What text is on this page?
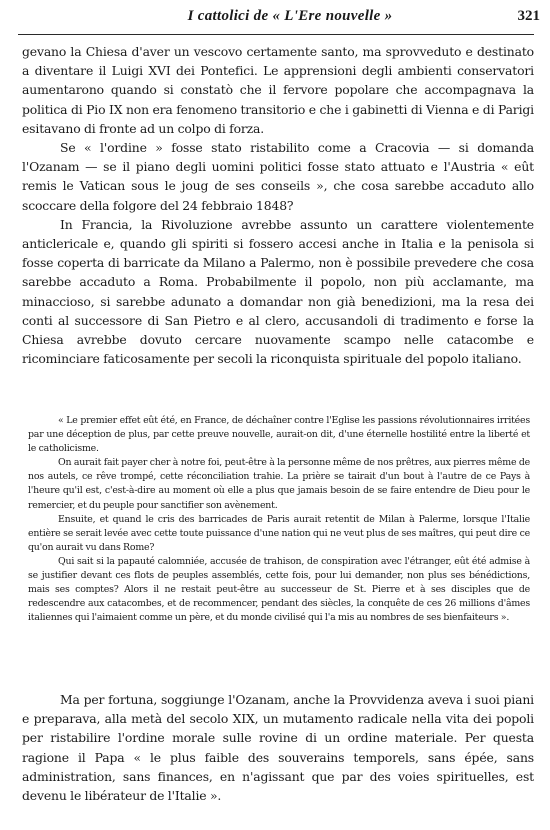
I cattolici de « L'Ere nouvelle »	321

gevano la Chiesa d'aver un vescovo certamente santo, ma sprovveduto e destinato a diventare il Luigi XVI dei Pontefici. Le apprensioni degli ambienti conservatori aumentarono quando si constatò che il fervore popolare che accompagnava la politica di Pio IX non era fenomeno transitorio e che i gabinetti di Vienna e di Parigi esitavano di fronte ad un colpo di forza.

Se « l'ordine » fosse stato ristabilito come a Cracovia — si domanda l'Ozanam — se il piano degli uomini politici fosse stato attuato e l'Austria « eût remis le Vatican sous le joug de ses conseils », che cosa sarebbe accaduto allo scoccare della folgore del 24 febbraio 1848?

In Francia, la Rivoluzione avrebbe assunto un carattere violentemente anticlericale e, quando gli spiriti si fossero accesi anche in Italia e la penisola si fosse coperta di barricate da Milano a Palermo, non è possibile prevedere che cosa sarebbe accaduto a Roma. Probabilmente il popolo, non più acclamante, ma minaccioso, si sarebbe adunato a domandar non già benedizioni, ma la resa dei conti al successore di San Pietro e al clero, accusandoli di tradimento e forse la Chiesa avrebbe dovuto cercare nuovamente scampo nelle catacombe e ricominciare faticosamente per secoli la riconquista spirituale del popolo italiano.

« Le premier effet eût été, en France, de déchaîner contre l'Eglise les passions révolutionnaires irritées par une déception de plus, par cette preuve nouvelle, aurait-on dit, d'une éternelle hostilité entre la liberté et le catholicisme.

On aurait fait payer cher à notre foi, peut-être à la personne même de nos prêtres, aux pierres même de nos autels, ce rêve trompé, cette réconciliation trahie. La prière se tairait d'un bout à l'autre de ce Pays à l'heure qu'il est, c'est-à-dire au moment où elle a plus que jamais besoin de se faire entendre de Dieu pour le remercier, et du peuple pour sanctifier son avènement.

Ensuite, et quand le cris des barricades de Paris aurait retentit de Milan à Palerme, lorsque l'Italie entière se serait levée avec cette toute puissance d'une nation qui ne veut plus de ses maîtres, qui peut dire ce qu'on aurait vu dans Rome?

Qui sait si la papauté calomniée, accusée de trahison, de conspiration avec l'étranger, eût été admise à se justifier devant ces flots de peuples assemblés, cette fois, pour lui demander, non plus ses bénédictions, mais ses comptes? Alors il ne restait peut-être au successeur de St. Pierre et à ses disciples que de redescendre aux catacombes, et de recommencer, pendant des siècles, la conquête de ces 26 millions d'âmes italiennes qui l'aimaient comme un père, et du monde civilisé qui l'a mis au nombres de ses bienfaiteurs ».

Ma per fortuna, soggiunge l'Ozanam, anche la Provvidenza aveva i suoi piani e preparava, alla metà del secolo XIX, un mutamento radicale nella vita dei popoli per ristabilire l'ordine morale sulle rovine di un ordine materiale. Per questa ragione il Papa « le plus faible des souverains temporels, sans épée, sans administration, sans finances, en n'agissant que par des voies spirituelles, est devenu le libérateur de l'Italie ».
